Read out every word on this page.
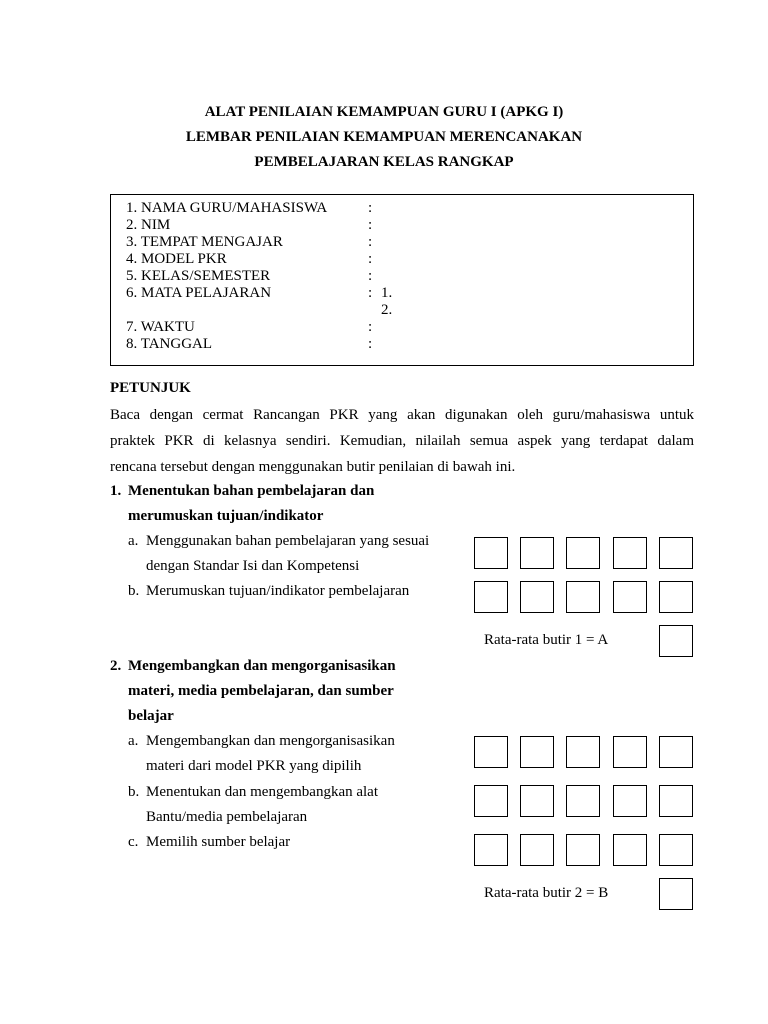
ALAT PENILAIAN KEMAMPUAN GURU I (APKG I)
LEMBAR PENILAIAN KEMAMPUAN MERENCANAKAN
PEMBELAJARAN KELAS RANGKAP
1. NAMA GURU/MAHASISWA	:
2. NIM	:
3. TEMPAT MENGAJAR	:
4. MODEL PKR	:
5. KELAS/SEMESTER	:
6. MATA PELAJARAN	: 1.
2.
7. WAKTU	:
8. TANGGAL	:
PETUNJUK
Baca dengan cermat Rancangan PKR yang akan digunakan oleh guru/mahasiswa untuk
praktek PKR di kelasnya sendiri. Kemudian, nilailah semua aspek yang terdapat dalam
rencana tersebut dengan menggunakan butir penilaian di bawah ini.
1. Menentukan bahan pembelajaran dan
merumuskan tujuan/indikator
a. Menggunakan bahan pembelajaran yang sesuai
dengan Standar Isi dan Kompetensi
b. Merumuskan tujuan/indikator pembelajaran
Rata-rata butir 1 = A
2. Mengembangkan dan mengorganisasikan
materi, media pembelajaran, dan sumber
belajar
a. Mengembangkan dan mengorganisasikan
materi dari model PKR yang dipilih
b. Menentukan dan mengembangkan alat
Bantu/media pembelajaran
c. Memilih sumber belajar
Rata-rata butir 2 = B
